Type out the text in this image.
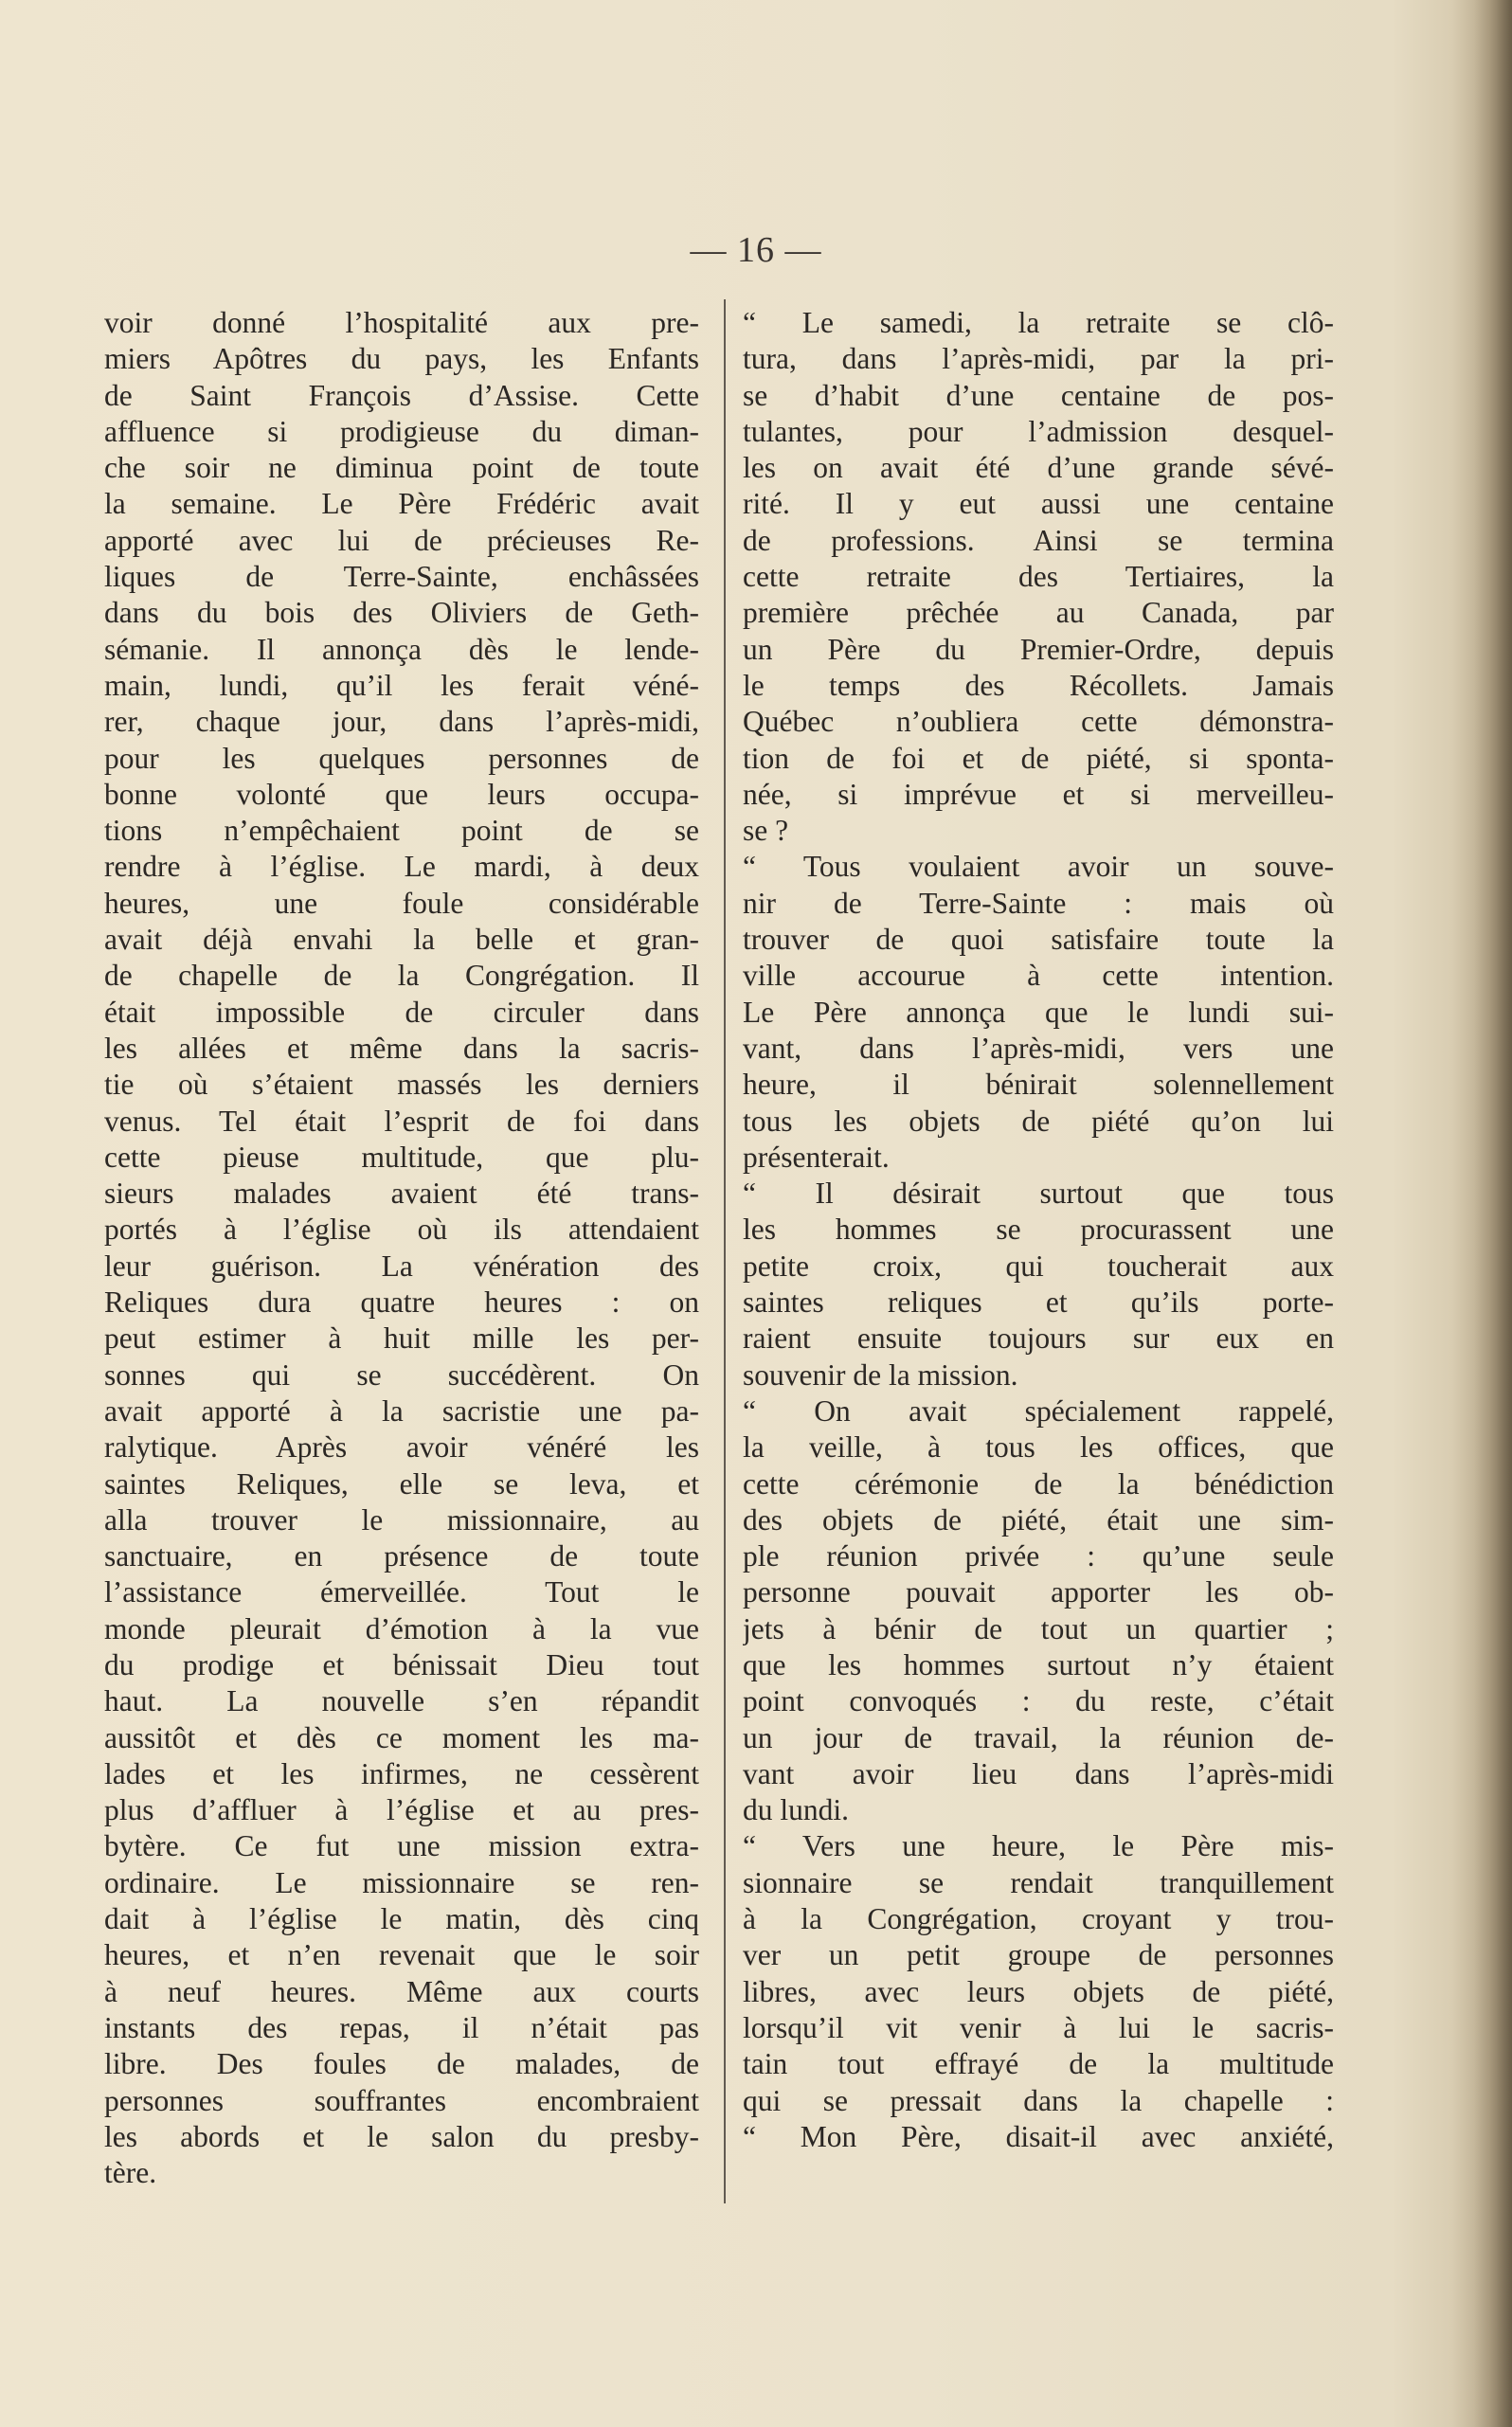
— 16 —
voir donné l’hospitalité aux pre-
miers Apôtres du pays, les Enfants
de Saint François d’Assise. Cette
affluence si prodigieuse du diman-
che soir ne diminua point de toute
la semaine. Le Père Frédéric avait
apporté avec lui de précieuses Re-
liques de Terre-Sainte, enchâssées
dans du bois des Oliviers de Geth-
sémanie. Il annonça dès le lende-
main, lundi, qu’il les ferait véné-
rer, chaque jour, dans l’après-midi,
pour les quelques personnes de
bonne volonté que leurs occupa-
tions n’empêchaient point de se
rendre à l’église. Le mardi, à deux
heures, une foule considérable
avait déjà envahi la belle et gran-
de chapelle de la Congrégation. Il
était impossible de circuler dans
les allées et même dans la sacris-
tie où s’étaient massés les derniers
venus. Tel était l’esprit de foi dans
cette pieuse multitude, que plu-
sieurs malades avaient été trans-
portés à l’église où ils attendaient
leur guérison. La vénération des
Reliques dura quatre heures : on
peut estimer à huit mille les per-
sonnes qui se succédèrent. On
avait apporté à la sacristie une pa-
ralytique. Après avoir vénéré les
saintes Reliques, elle se leva, et
alla trouver le missionnaire, au
sanctuaire, en présence de toute
l’assistance émerveillée. Tout le
monde pleurait d’émotion à la vue
du prodige et bénissait Dieu tout
haut. La nouvelle s’en répandit
aussitôt et dès ce moment les ma-
lades et les infirmes, ne cessèrent
plus d’affluer à l’église et au pres-
bytère. Ce fut une mission extra-
ordinaire. Le missionnaire se ren-
dait à l’église le matin, dès cinq
heures, et n’en revenait que le soir
à neuf heures. Même aux courts
instants des repas, il n’était pas
libre. Des foules de malades, de
personnes souffrantes encombraient
les abords et le salon du presby-
tère.
“ Le samedi, la retraite se clô-
tura, dans l’après-midi, par la pri-
se d’habit d’une centaine de pos-
tulantes, pour l’admission desquel-
les on avait été d’une grande sévé-
rité. Il y eut aussi une centaine
de professions. Ainsi se termina
cette retraite des Tertiaires, la
première prêchée au Canada, par
un Père du Premier-Ordre, depuis
le temps des Récollets. Jamais
Québec n’oubliera cette démonstra-
tion de foi et de piété, si sponta-
née, si imprévue et si merveilleu-
se ?
“ Tous voulaient avoir un souve-
nir de Terre-Sainte : mais où
trouver de quoi satisfaire toute la
ville accourue à cette intention.
Le Père annonça que le lundi sui-
vant, dans l’après-midi, vers une
heure, il bénirait solennellement
tous les objets de piété qu’on lui
présenterait.
“ Il désirait surtout que tous
les hommes se procurassent une
petite croix, qui toucherait aux
saintes reliques et qu’ils porte-
raient ensuite toujours sur eux en
souvenir de la mission.
“ On avait spécialement rappelé,
la veille, à tous les offices, que
cette cérémonie de la bénédiction
des objets de piété, était une sim-
ple réunion privée : qu’une seule
personne pouvait apporter les ob-
jets à bénir de tout un quartier ;
que les hommes surtout n’y étaient
point convoqués : du reste, c’était
un jour de travail, la réunion de-
vant avoir lieu dans l’après-midi
du lundi.
“ Vers une heure, le Père mis-
sionnaire se rendait tranquillement
à la Congrégation, croyant y trou-
ver un petit groupe de personnes
libres, avec leurs objets de piété,
lorsqu’il vit venir à lui le sacris-
tain tout effrayé de la multitude
qui se pressait dans la chapelle :
“ Mon Père, disait-il avec anxiété,
